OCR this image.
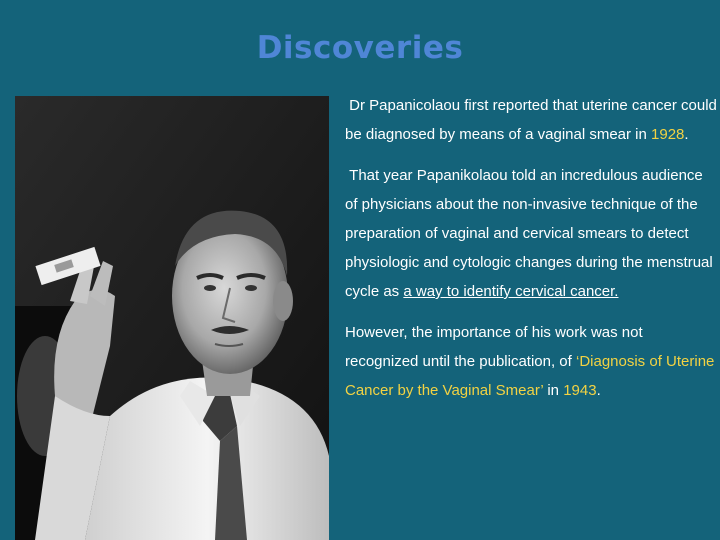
Discoveries

Dr Papanicolaou first reported that uterine cancer could be diagnosed by means of a vaginal smear in 1928.

That year Papanikolaou told an incredulous audience of physicians about the non-invasive technique of the preparation of vaginal and cervical smears to detect physiologic and cytologic changes during the menstrual cycle as a way to identify cervical cancer.

However, the importance of his work was not recognized until the publication, of ‘Diagnosis of Uterine Cancer by the Vaginal Smear’ in 1943.
